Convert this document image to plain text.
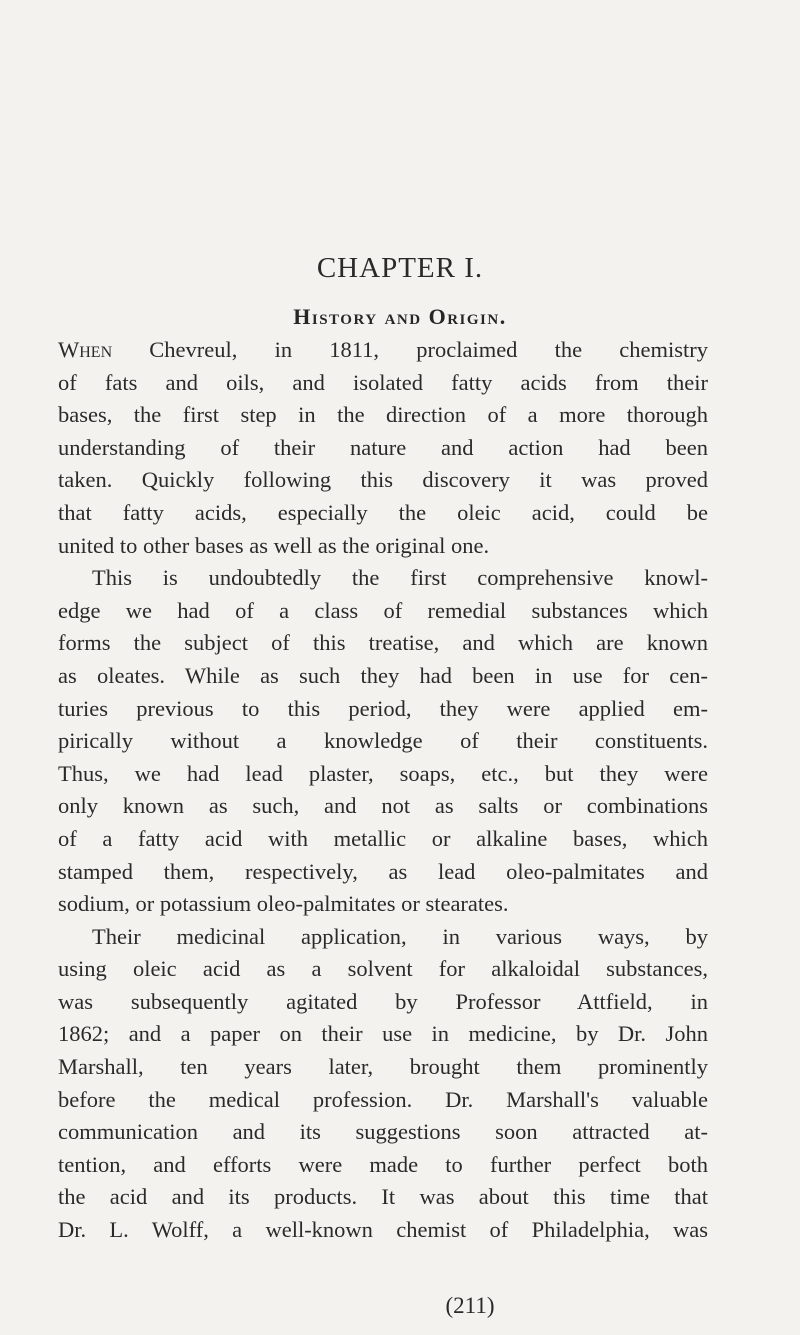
CHAPTER I.
History and Origin.
When Chevreul, in 1811, proclaimed the chemistry
of fats and oils, and isolated fatty acids from their
bases, the first step in the direction of a more thorough
understanding of their nature and action had been
taken. Quickly following this discovery it was proved
that fatty acids, especially the oleic acid, could be
united to other bases as well as the original one.
This is undoubtedly the first comprehensive knowl-
edge we had of a class of remedial substances which
forms the subject of this treatise, and which are known
as oleates. While as such they had been in use for cen-
turies previous to this period, they were applied em-
pirically without a knowledge of their constituents.
Thus, we had lead plaster, soaps, etc., but they were
only known as such, and not as salts or combinations
of a fatty acid with metallic or alkaline bases, which
stamped them, respectively, as lead oleo-palmitates and
sodium, or potassium oleo-palmitates or stearates.
Their medicinal application, in various ways, by
using oleic acid as a solvent for alkaloidal substances,
was subsequently agitated by Professor Attfield, in
1862; and a paper on their use in medicine, by Dr. John
Marshall, ten years later, brought them prominently
before the medical profession. Dr. Marshall's valuable
communication and its suggestions soon attracted at-
tention, and efforts were made to further perfect both
the acid and its products. It was about this time that
Dr. L. Wolff, a well-known chemist of Philadelphia, was
(211)
